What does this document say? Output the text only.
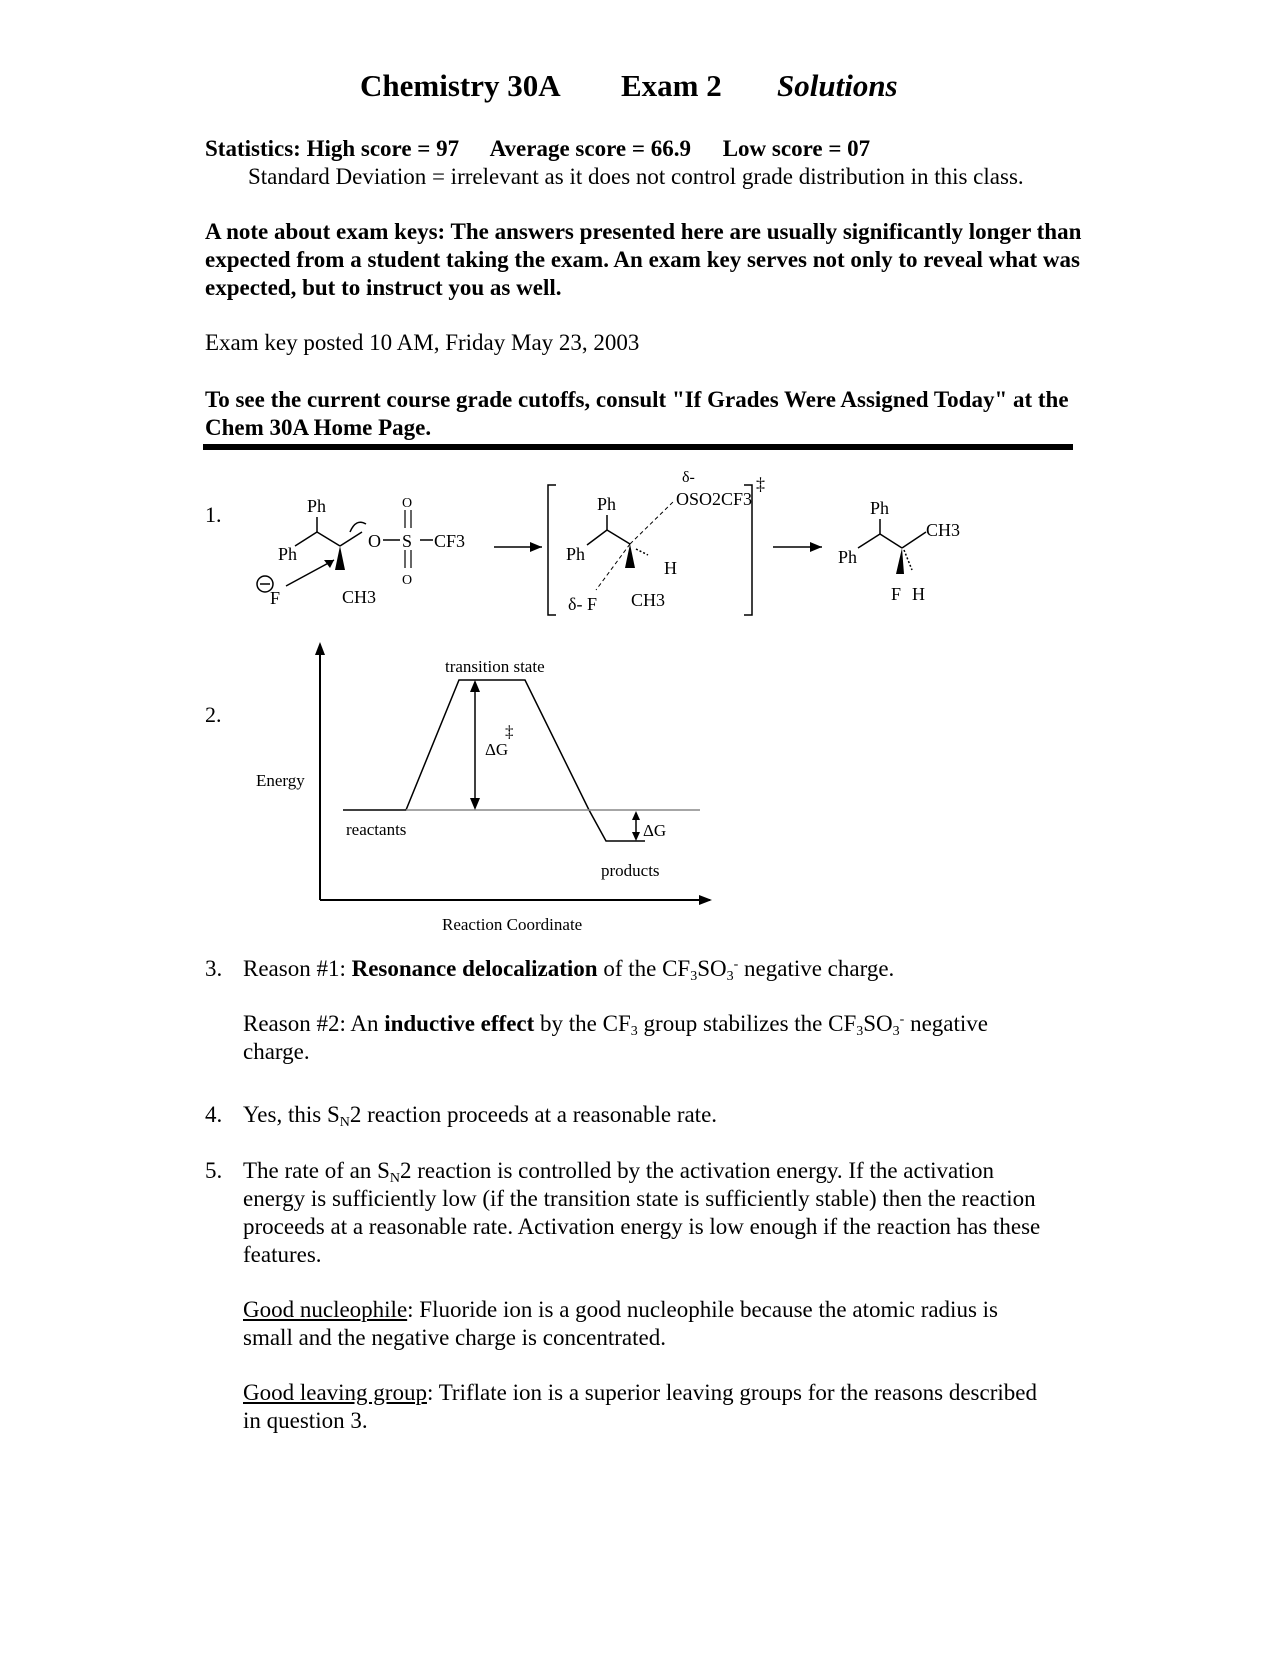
Chemistry 30A Exam 2 Solutions
Statistics: High score = 97 Average score = 66.9 Low score = 07
Standard Deviation = irrelevant as it does not control grade distribution in this class.
A note about exam keys: The answers presented here are usually significantly longer than expected from a student taking the exam. An exam key serves not only to reveal what was expected, but to instruct you as well.
Exam key posted 10 AM, Friday May 23, 2003
To see the current course grade cutoffs, consult "If Grades Were Assigned Today" at the Chem 30A Home Page.
1.	Ph
Ph
CH3
O S
O
O
CF3
F
‡
Ph
Ph
CH3
δ- F
δ-
OSO2CF3
H
Ph
Ph
CH3
F H
2.
Energy
Reaction Coordinate
transition state
reactants
products
ΔG
‡
ΔG
3. Reason #1: Resonance delocalization of the $CF_3SO_3^-$ negative charge.
Reason #2: An inductive effect by the $CF_3$ group stabilizes the $CF_3SO_3^-$ negative charge.
4. Yes, this $S_N2$ reaction proceeds at a reasonable rate.
5. The rate of an $S_N2$ reaction is controlled by the activation energy. If the activation energy is sufficiently low (if the transition state is sufficiently stable) then the reaction proceeds at a reasonable rate. Activation energy is low enough if the reaction has these features.
Good nucleophile: Fluoride ion is a good nucleophile because the atomic radius is small and the negative charge is concentrated.
Good leaving group: Triflate ion is a superior leaving groups for the reasons described in question 3.
